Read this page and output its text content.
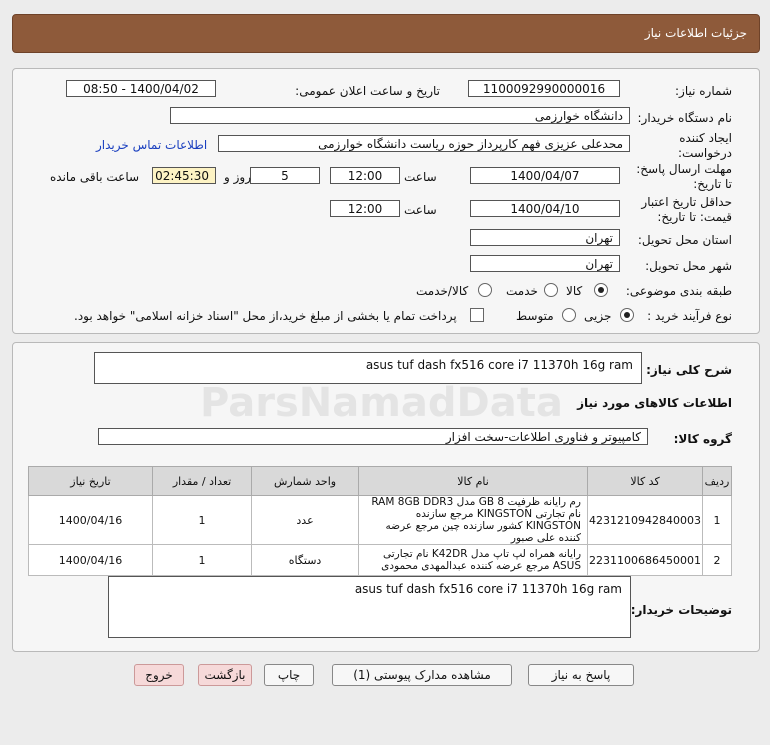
جزئیات اطلاعات نیاز
شماره نیاز:
1100092990000016
تاریخ و ساعت اعلان عمومی:
1400/04/02 - 08:50
نام دستگاه خریدار:
دانشگاه خوارزمی
ایجاد کننده
درخواست:
محدعلی عزیزی فهم کارپرداز حوزه ریاست دانشگاه خوارزمی
اطلاعات تماس خریدار
مهلت ارسال پاسخ:
تا تاریخ:
1400/04/07
ساعت
12:00
5
روز و
02:45:30
ساعت باقی مانده
حداقل تاریخ اعتبار
قیمت: تا تاریخ:
1400/04/10
ساعت
12:00
استان محل تحویل:
تهران
شهر محل تحویل:
تهران
طبقه بندی موضوعی:
کالا
خدمت
کالا/خدمت
نوع فرآیند خرید :
جزیی
متوسط
پرداخت تمام یا بخشی از مبلغ خرید،از محل "اسناد خزانه اسلامی" خواهد بود.
شرح کلی نیاز:
asus tuf dash fx516 core i7 11370h 16g ram
اطلاعات کالاهای مورد نیاز
گروه کالا:
کامپیوتر و فناوری اطلاعات-سخت افزار
ردیف	کد کالا	نام کالا	واحد شمارش	تعداد / مقدار	تاریخ نیاز
1	4231210942840003	رم رایانه ظرفیت 8 GB مدل RAM 8GB DDR3 نام تجارتی KINGSTON مرجع سازنده KINGSTON کشور سازنده چین مرجع عرضه کننده علی صبور	عدد	1	1400/04/16
2	2231100686450001	رایانه همراه لپ تاپ مدل K42DR نام تجارتی ASUS مرجع عرضه کننده عبدالمهدی محمودی	دستگاه	1	1400/04/16
توضیحات خریدار:
asus tuf dash fx516 core i7 11370h 16g ram
پاسخ به نیاز
مشاهده مدارک پیوستی (1)
چاپ
بازگشت
خروج
